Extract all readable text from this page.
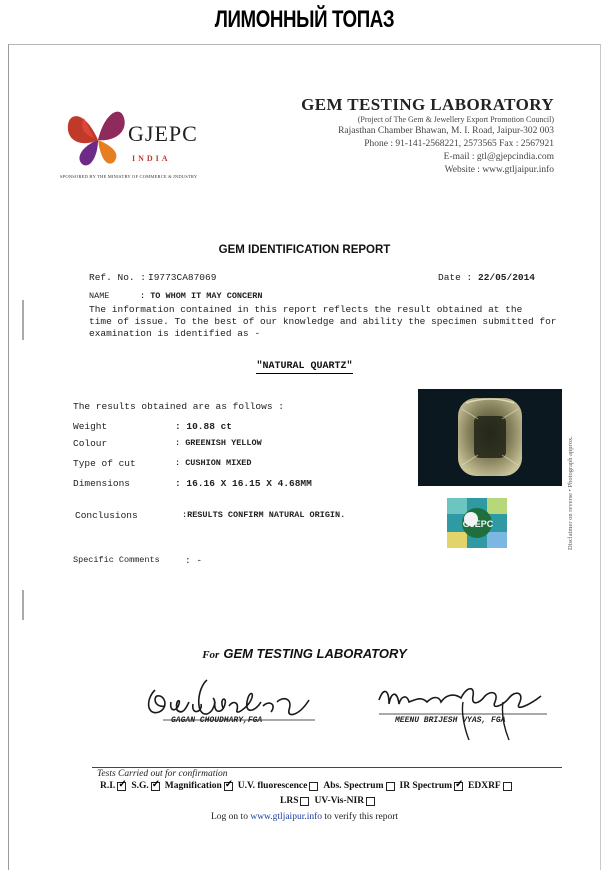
ЛИМОННЫЙ ТОПАЗ
GJEPC
INDIA
SPONSORED BY THE MINISTRY OF COMMERCE & INDUSTRY
GEM TESTING LABORATORY
(Project of The Gem & Jewellery Export Promotion Council)
Rajasthan Chamber Bhawan, M. I. Road, Jaipur-302 003
Phone : 91-141-2568221, 2573565 Fax : 2567921
E-mail : gtl@gjepcindia.com
Website : www.gtljaipur.info
GEM IDENTIFICATION REPORT
Ref. No. : I9773CA87069	Date : 22/05/2014
NAME	: TO WHOM IT MAY CONCERN
The information contained in this report reflects the result obtained at the
time of issue. To the best of our knowledge and ability the specimen submitted for
examination is identified as -
"NATURAL QUARTZ"
The results obtained are as follows :
Weight	: 10.88 ct
Colour	: GREENISH YELLOW
Type of cut	: CUSHION MIXED
Dimensions	: 16.16 X 16.15 X 4.68MM
Conclusions	:RESULTS CONFIRM NATURAL ORIGIN.
Specific Comments	: -
Disclaimer on reverse • Photograph approx.
GJEPC
For GEM TESTING LABORATORY
GAGAN CHOUDHARY,FGA	MEENU BRIJESH VYAS, FGA
Tests Carried out for confirmation
R.I. ✓ S.G. ✓ Magnification ✓ U.V. fluorescence Abs. Spectrum IR Spectrum ✓ EDXRF
LRS UV-Vis-NIR
Log on to www.gtljaipur.info to verify this report
